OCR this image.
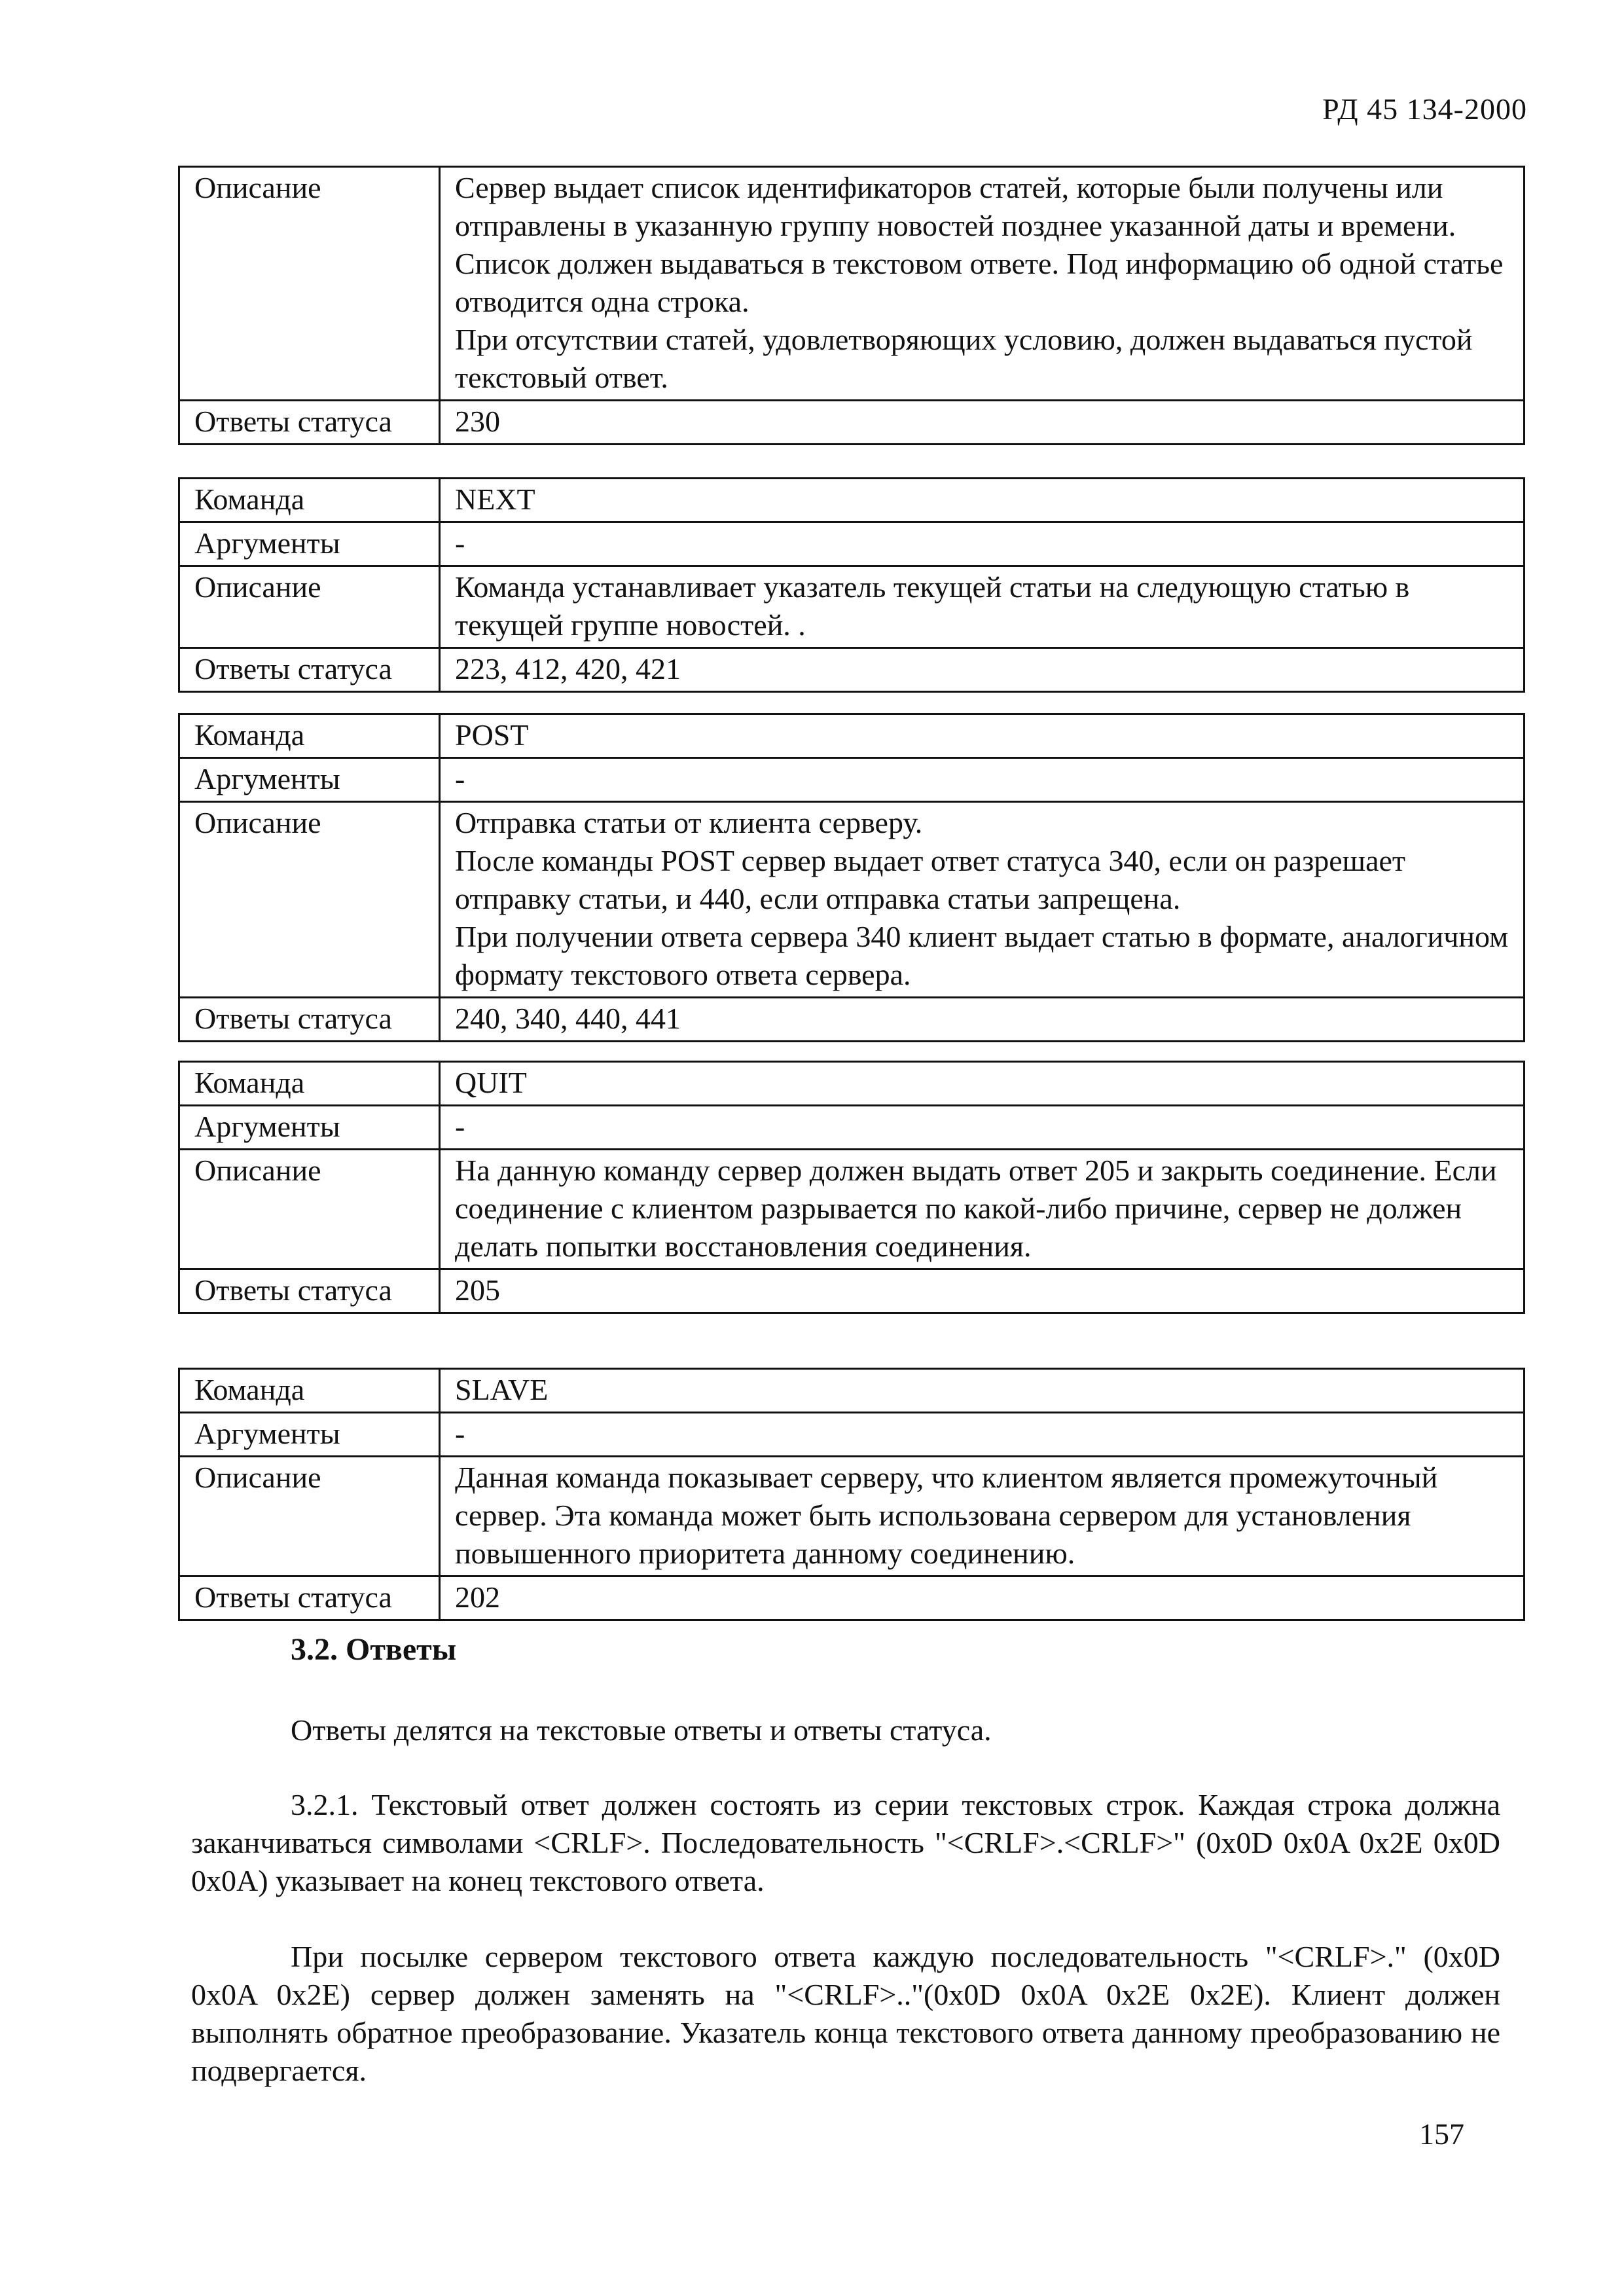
РД 45 134-2000
Описание	Сервер выдает список идентификаторов статей, которые были получены или отправлены в указанную группу новостей позднее указанной даты и времени. Список должен выдаваться в текстовом ответе. Под информацию об одной статье отводится одна строка.
При отсутствии статей, удовлетворяющих условию, должен выдаваться пустой текстовый ответ.
Ответы статуса	230
Команда	NEXT
Аргументы	-
Описание	Команда устанавливает указатель текущей статьи на следующую статью в текущей группе новостей. .
Ответы статуса	223, 412, 420, 421
Команда	POST
Аргументы	-
Описание	Отправка статьи от клиента серверу.
После команды POST сервер выдает ответ статуса 340, если он разрешает отправку статьи, и 440, если отправка статьи запрещена.
При получении ответа сервера 340 клиент выдает статью в формате, аналогичном формату текстового ответа сервера.
Ответы статуса	240, 340, 440, 441
Команда	QUIT
Аргументы	-
Описание	На данную команду сервер должен выдать ответ 205 и закрыть соединение. Если соединение с клиентом разрывается по какой-либо причине, сервер не должен делать попытки восстановления соединения.
Ответы статуса	205
Команда	SLAVE
Аргументы	-
Описание	Данная команда показывает серверу, что клиентом является промежуточный сервер. Эта команда может быть использована сервером для установления повышенного приоритета данному соединению.
Ответы статуса	202
3.2. Ответы
Ответы делятся на текстовые ответы и ответы статуса.
3.2.1. Текстовый ответ должен состоять из серии текстовых строк. Каждая строка должна заканчиваться символами <CRLF>. Последовательность "<CRLF>.<CRLF>" (0x0D 0x0A 0x2E 0x0D 0x0A) указывает на конец текстового ответа.
При посылке сервером текстового ответа каждую последовательность "<CRLF>." (0x0D 0x0A 0x2E) сервер должен заменять на "<CRLF>.."(0x0D 0x0A 0x2E 0x2E). Клиент должен выполнять обратное преобразование. Указатель конца текстового ответа данному преобразованию не подвергается.
157
